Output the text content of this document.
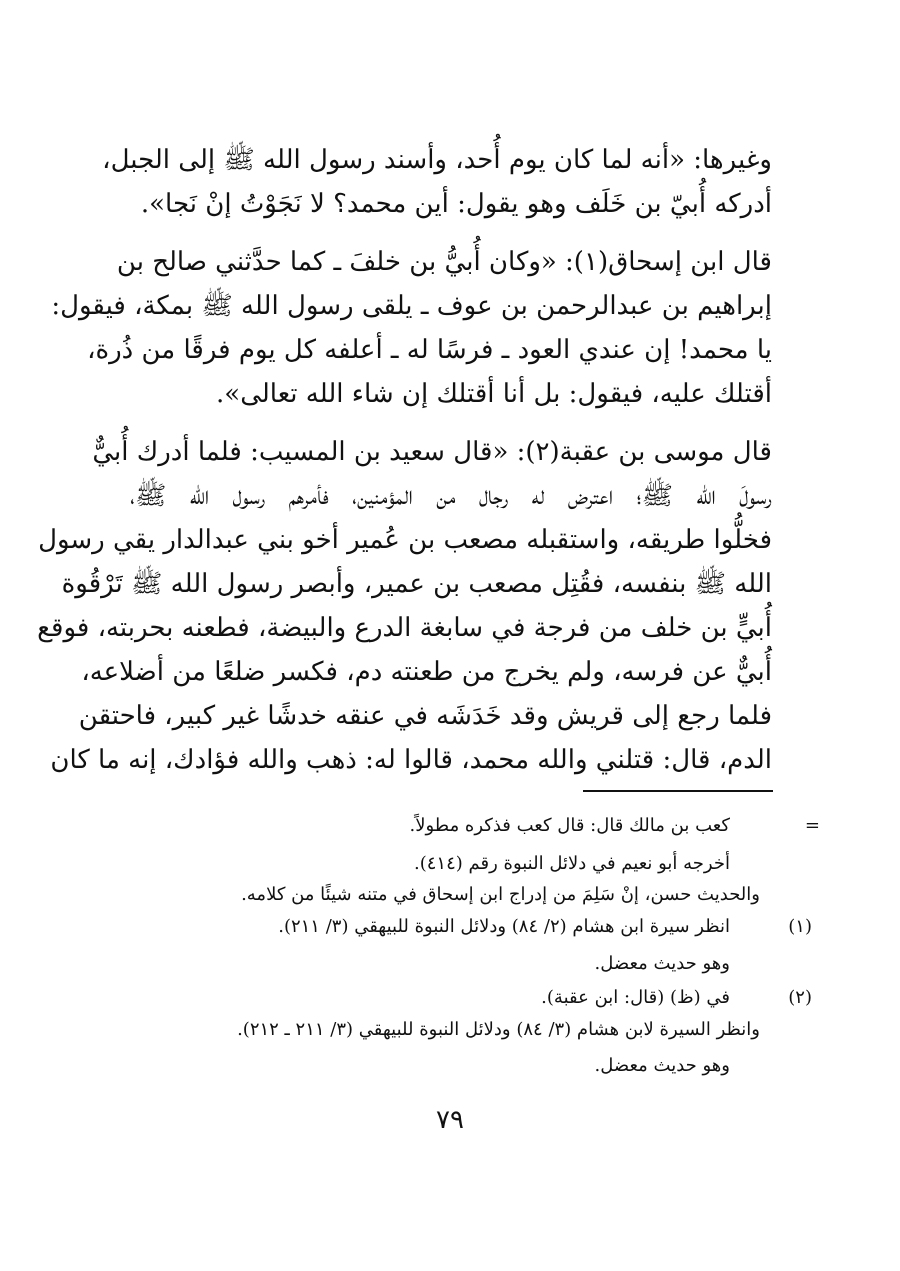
وغيرها: «أنه لما كان يوم أُحد، وأسند رسول الله ﷺ إلى الجبل،
أدركه أُبيّ بن خَلَف وهو يقول: أين محمد؟ لا نَجَوْتُ إنْ نَجا».
قال ابن إسحاق(١): «وكان أُبيُّ بن خلفَ ـ كما حدَّثني صالح بن
إبراهيم بن عبدالرحمن بن عوف ـ يلقى رسول الله ﷺ بمكة، فيقول:
يا محمد! إن عندي العود ـ فرسًا له ـ أعلفه كل يوم فرقًا من ذُرة،
أقتلك عليه، فيقول: بل أنا أقتلك إن شاء الله تعالى».
قال موسى بن عقبة(٢): «قال سعيد بن المسيب: فلما أدرك أُبيٌّ
رسولَ الله ﷺ؛ اعترض له رجال من المؤمنين، فأمرهم رسول الله ﷺ،
فخلُّوا طريقه، واستقبله مصعب بن عُمير أخو بني عبدالدار يقي رسول
الله ﷺ بنفسه، فقُتِل مصعب بن عمير، وأبصر رسول الله ﷺ تَرْقُوة
أُبيٍّ بن خلف من فرجة في سابغة الدرع والبيضة، فطعنه بحربته، فوقع
أُبيٌّ عن فرسه، ولم يخرج من طعنته دم، فكسر ضلعًا من أضلاعه،
فلما رجع إلى قريش وقد خَدَشَه في عنقه خدشًا غير كبير، فاحتقن
الدم، قال: قتلني والله محمد، قالوا له: ذهب والله فؤادك، إنه ما كان
=
كعب بن مالك قال: قال كعب فذكره مطولاً.
أخرجه أبو نعيم في دلائل النبوة رقم (٤١٤).
والحديث حسن، إنْ سَلِمَ من إدراج ابن إسحاق في متنه شيئًا من كلامه.
(١)
انظر سيرة ابن هشام (٢/ ٨٤) ودلائل النبوة للبيهقي (٣/ ٢١١).
وهو حديث معضل.
(٢)
في (ظ) (قال: ابن عقبة).
وانظر السيرة لابن هشام (٣/ ٨٤) ودلائل النبوة للبيهقي (٣/ ٢١١ ـ ٢١٢).
وهو حديث معضل.
٧٩
